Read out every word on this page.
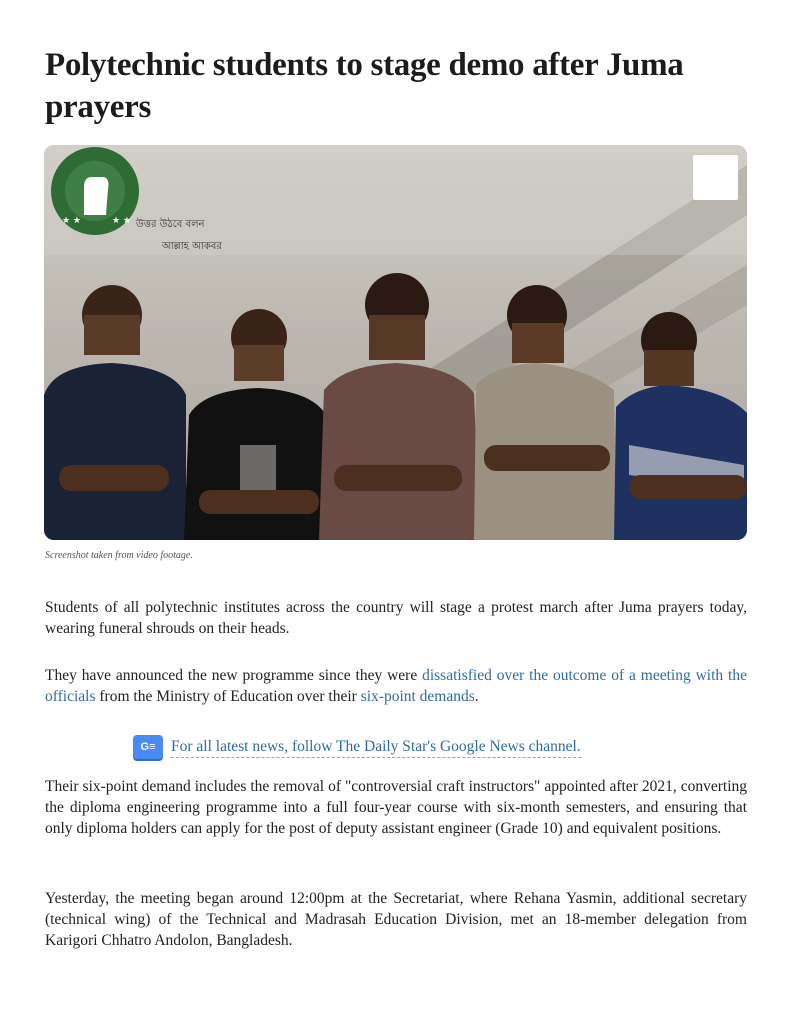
Polytechnic students to stage demo after Juma prayers
উত্তর উঠবে বলন
আল্লাহ আকবর
★ ★	★ ★
Screenshot taken from video footage.

Students of all polytechnic institutes across the country will stage a protest march after Juma prayers today, wearing funeral shrouds on their heads.

They have announced the new programme since they were dissatisfied over the outcome of a meeting with the officials from the Ministry of Education over their six-point demands.

G≡	For all latest news, follow The Daily Star's Google News channel.

Their six-point demand includes the removal of "controversial craft instructors" appointed after 2021, converting the diploma engineering programme into a full four-year course with six-month semesters, and ensuring that only diploma holders can apply for the post of deputy assistant engineer (Grade 10) and equivalent positions.

Yesterday, the meeting began around 12:00pm at the Secretariat, where Rehana Yasmin, additional secretary (technical wing) of the Technical and Madrasah Education Division, met an 18-member delegation from Karigori Chhatro Andolon, Bangladesh.
